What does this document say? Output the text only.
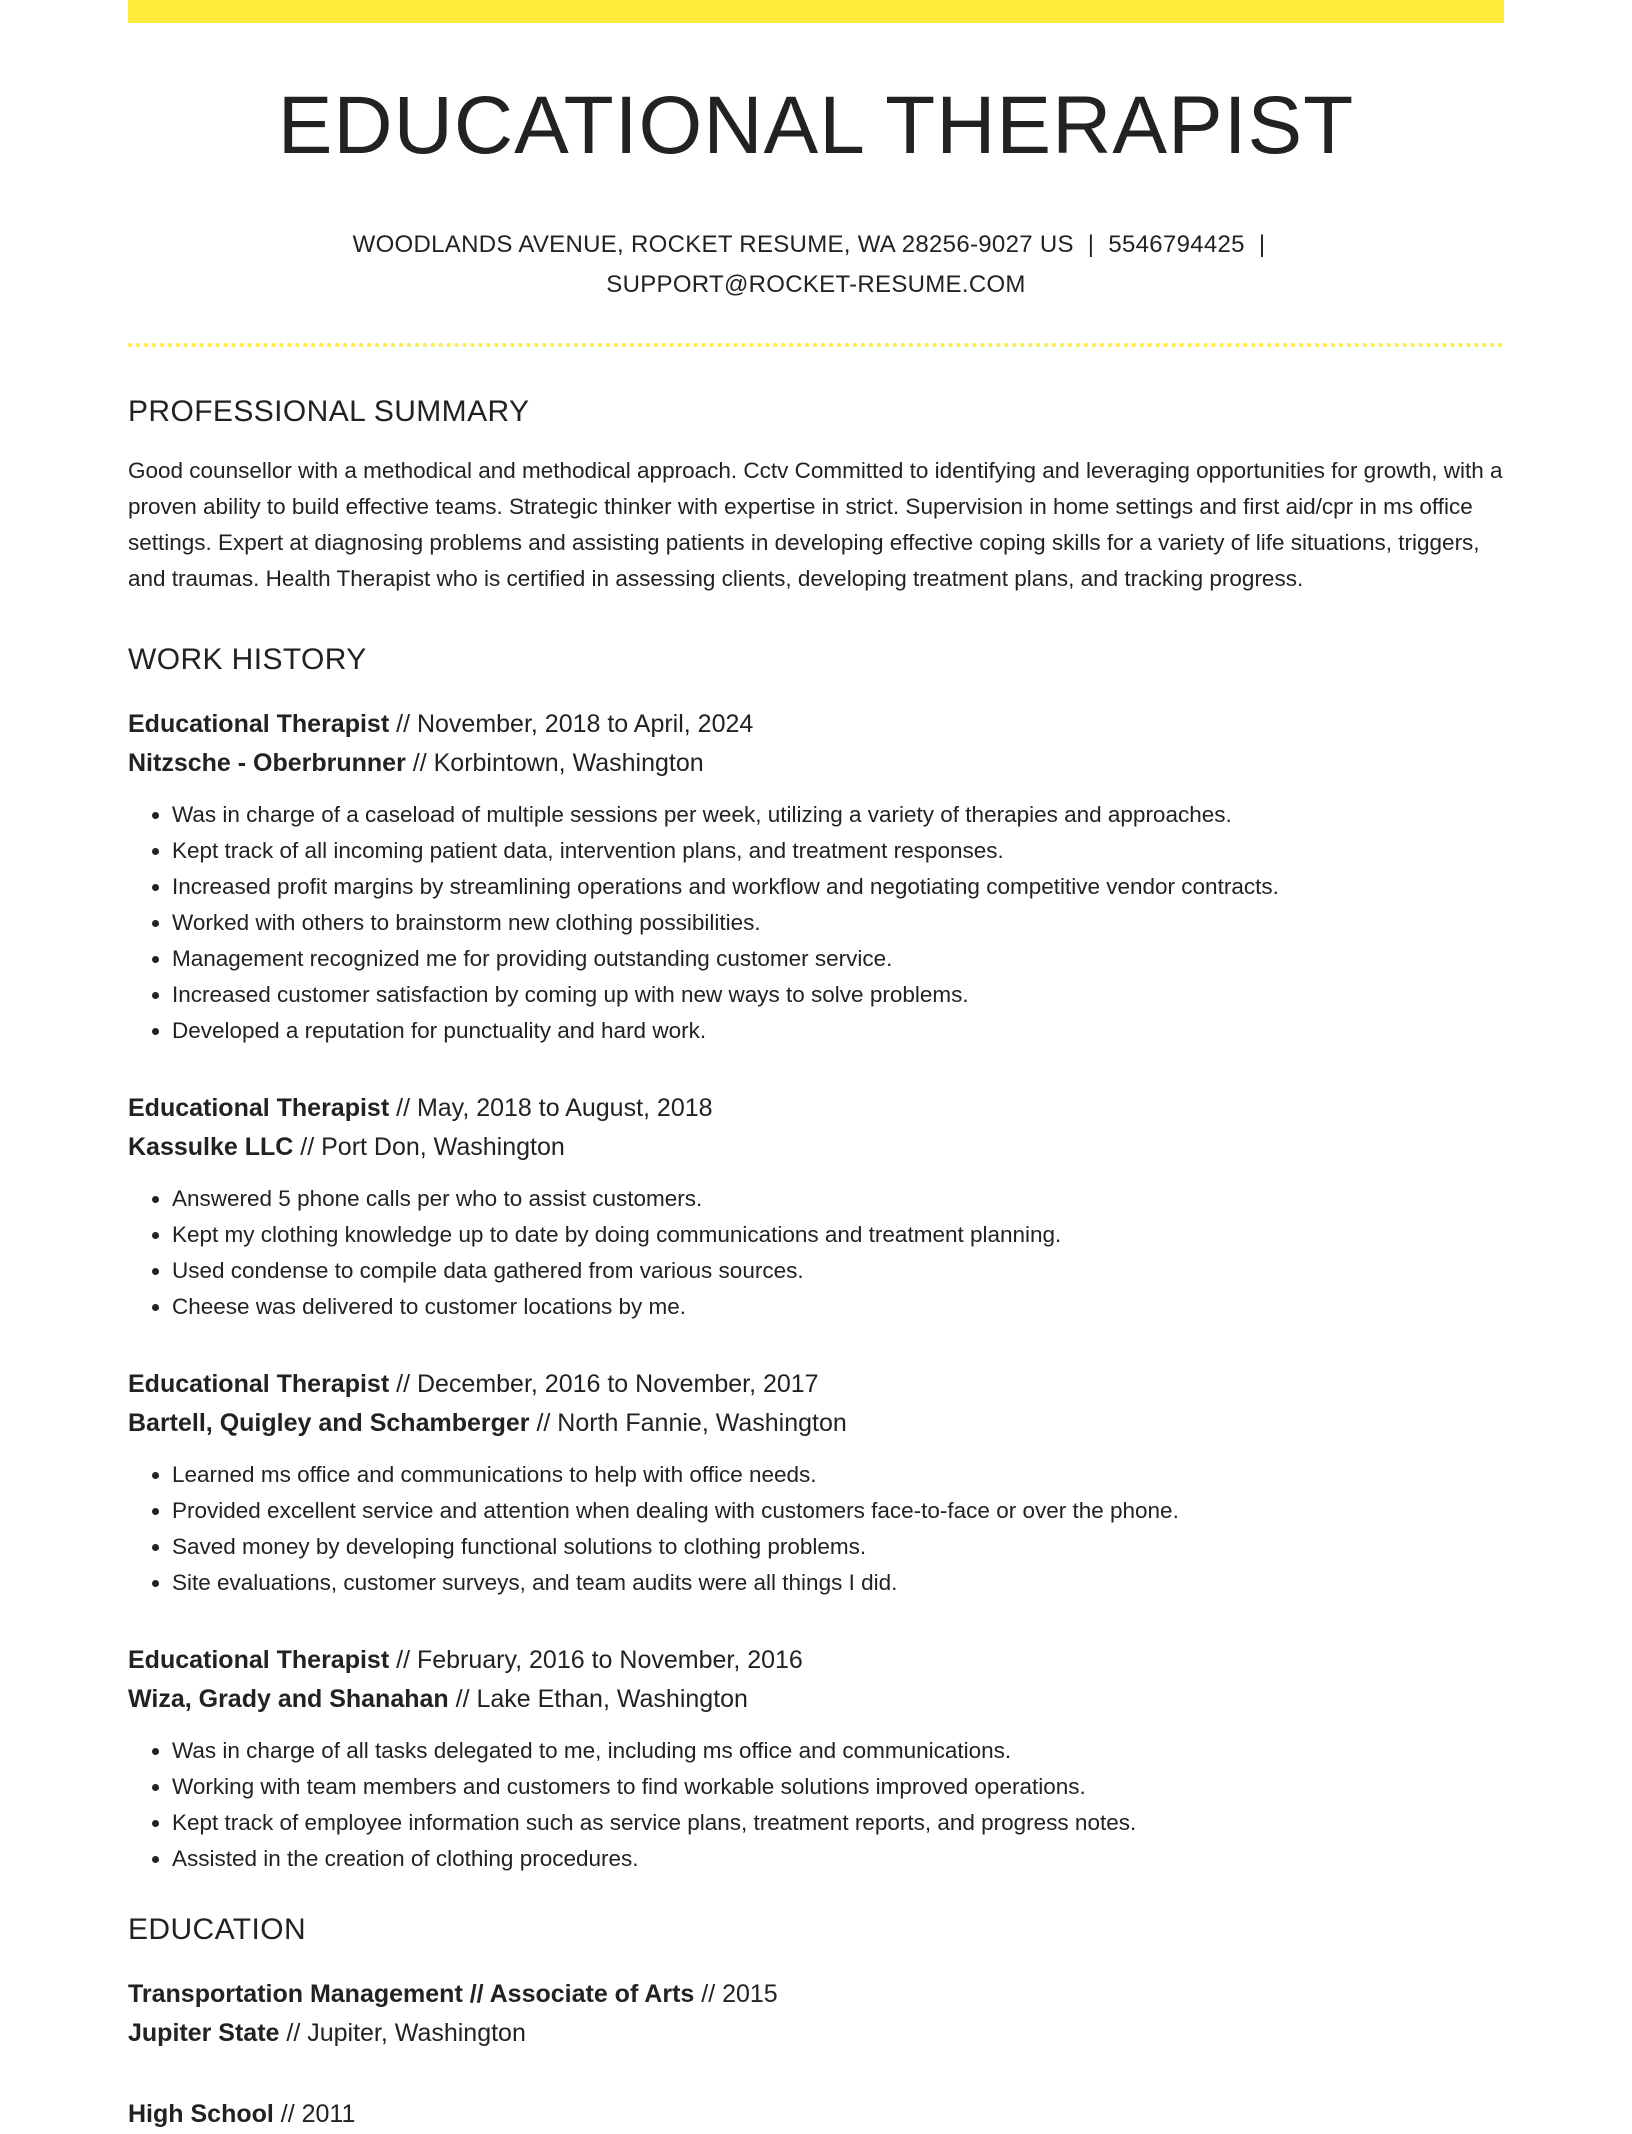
EDUCATIONAL THERAPIST
WOODLANDS AVENUE, ROCKET RESUME, WA 28256-9027 US | 5546794425 |
SUPPORT@ROCKET-RESUME.COM
PROFESSIONAL SUMMARY
Good counsellor with a methodical and methodical approach. Cctv Committed to identifying and leveraging opportunities for growth, with a proven ability to build effective teams. Strategic thinker with expertise in strict. Supervision in home settings and first aid/cpr in ms office settings. Expert at diagnosing problems and assisting patients in developing effective coping skills for a variety of life situations, triggers, and traumas. Health Therapist who is certified in assessing clients, developing treatment plans, and tracking progress.
WORK HISTORY
Educational Therapist // November, 2018 to April, 2024
Nitzsche - Oberbrunner // Korbintown, Washington
• Was in charge of a caseload of multiple sessions per week, utilizing a variety of therapies and approaches.
• Kept track of all incoming patient data, intervention plans, and treatment responses.
• Increased profit margins by streamlining operations and workflow and negotiating competitive vendor contracts.
• Worked with others to brainstorm new clothing possibilities.
• Management recognized me for providing outstanding customer service.
• Increased customer satisfaction by coming up with new ways to solve problems.
• Developed a reputation for punctuality and hard work.
Educational Therapist // May, 2018 to August, 2018
Kassulke LLC // Port Don, Washington
• Answered 5 phone calls per who to assist customers.
• Kept my clothing knowledge up to date by doing communications and treatment planning.
• Used condense to compile data gathered from various sources.
• Cheese was delivered to customer locations by me.
Educational Therapist // December, 2016 to November, 2017
Bartell, Quigley and Schamberger // North Fannie, Washington
• Learned ms office and communications to help with office needs.
• Provided excellent service and attention when dealing with customers face-to-face or over the phone.
• Saved money by developing functional solutions to clothing problems.
• Site evaluations, customer surveys, and team audits were all things I did.
Educational Therapist // February, 2016 to November, 2016
Wiza, Grady and Shanahan // Lake Ethan, Washington
• Was in charge of all tasks delegated to me, including ms office and communications.
• Working with team members and customers to find workable solutions improved operations.
• Kept track of employee information such as service plans, treatment reports, and progress notes.
• Assisted in the creation of clothing procedures.
EDUCATION
Transportation Management // Associate of Arts // 2015
Jupiter State // Jupiter, Washington
High School // 2011
